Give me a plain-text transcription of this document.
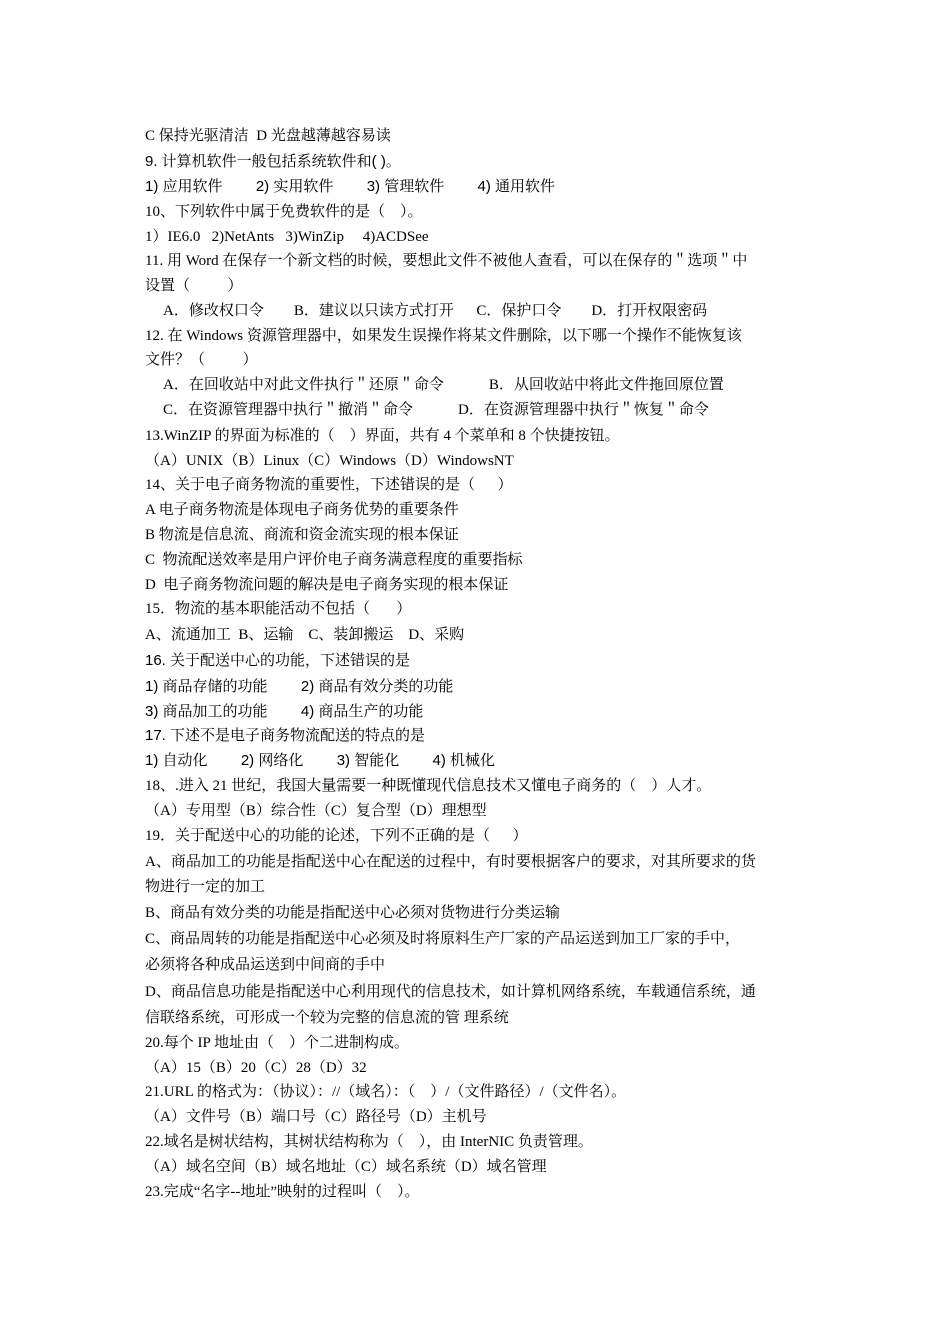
C 保持光驱清洁  D 光盘越薄越容易读
9. 计算机软件一般包括系统软件和( )。
1) 应用软件        2) 实用软件        3) 管理软件        4) 通用软件
10、下列软件中属于免费软件的是（    ）。
1）IE6.0   2)NetAnts   3)WinZip     4)ACDSee
11. 用 Word 在保存一个新文档的时候，要想此文件不被他人查看，可以在保存的＂选项＂中
设置（          ）
A．修改权口令        B．建议以只读方式打开      C．保护口令        D．打开权限密码
12. 在 Windows 资源管理器中，如果发生误操作将某文件删除，以下哪一个操作不能恢复该
文件？（          ）
A．在回收站中对此文件执行＂还原＂命令            B．从回收站中将此文件拖回原位置
C．在资源管理器中执行＂撤消＂命令            D．在资源管理器中执行＂恢复＂命令
13.WinZIP 的界面为标准的（    ）界面，共有 4 个菜单和 8 个快捷按钮。
（A）UNIX（B）Linux（C）Windows（D）WindowsNT
14、关于电子商务物流的重要性，下述错误的是（      ）
A 电子商务物流是体现电子商务优势的重要条件
B 物流是信息流、商流和资金流实现的根本保证
C  物流配送效率是用户评价电子商务满意程度的重要指标
D  电子商务物流问题的解决是电子商务实现的根本保证
15．物流的基本职能活动不包括（       ）
A、流通加工  B、运输    C、装卸搬运    D、采购
16. 关于配送中心的功能，下述错误的是
1) 商品存储的功能        2) 商品有效分类的功能
3) 商品加工的功能        4) 商品生产的功能
17. 下述不是电子商务物流配送的特点的是
1) 自动化        2) 网络化        3) 智能化        4) 机械化
18、.进入 21 世纪，我国大量需要一种既懂现代信息技术又懂电子商务的（    ）人才。
（A）专用型（B）综合性（C）复合型（D）理想型
19．关于配送中心的功能的论述，下列不正确的是（      ）
A、商品加工的功能是指配送中心在配送的过程中，有时要根据客户的要求，对其所要求的货
物进行一定的加工
B、商品有效分类的功能是指配送中心必须对货物进行分类运输
C、商品周转的功能是指配送中心必须及时将原料生产厂家的产品运送到加工厂家的手中，
必须将各种成品运送到中间商的手中
D、商品信息功能是指配送中心利用现代的信息技术，如计算机网络系统，车载通信系统，通
信联络系统，可形成一个较为完整的信息流的管 理系统
20.每个 IP 地址由（    ）个二进制构成。
（A）15（B）20（C）28（D）32
21.URL 的格式为：（协议）：//（域名）：（    ）/（文件路径）/（文件名）。
（A）文件号（B）端口号（C）路径号（D）主机号
22.域名是树状结构，其树状结构称为（    ），由 InterNIC 负责管理。
（A）域名空间（B）域名地址（C）域名系统（D）域名管理
23.完成“名字--地址”映射的过程叫（    ）。
